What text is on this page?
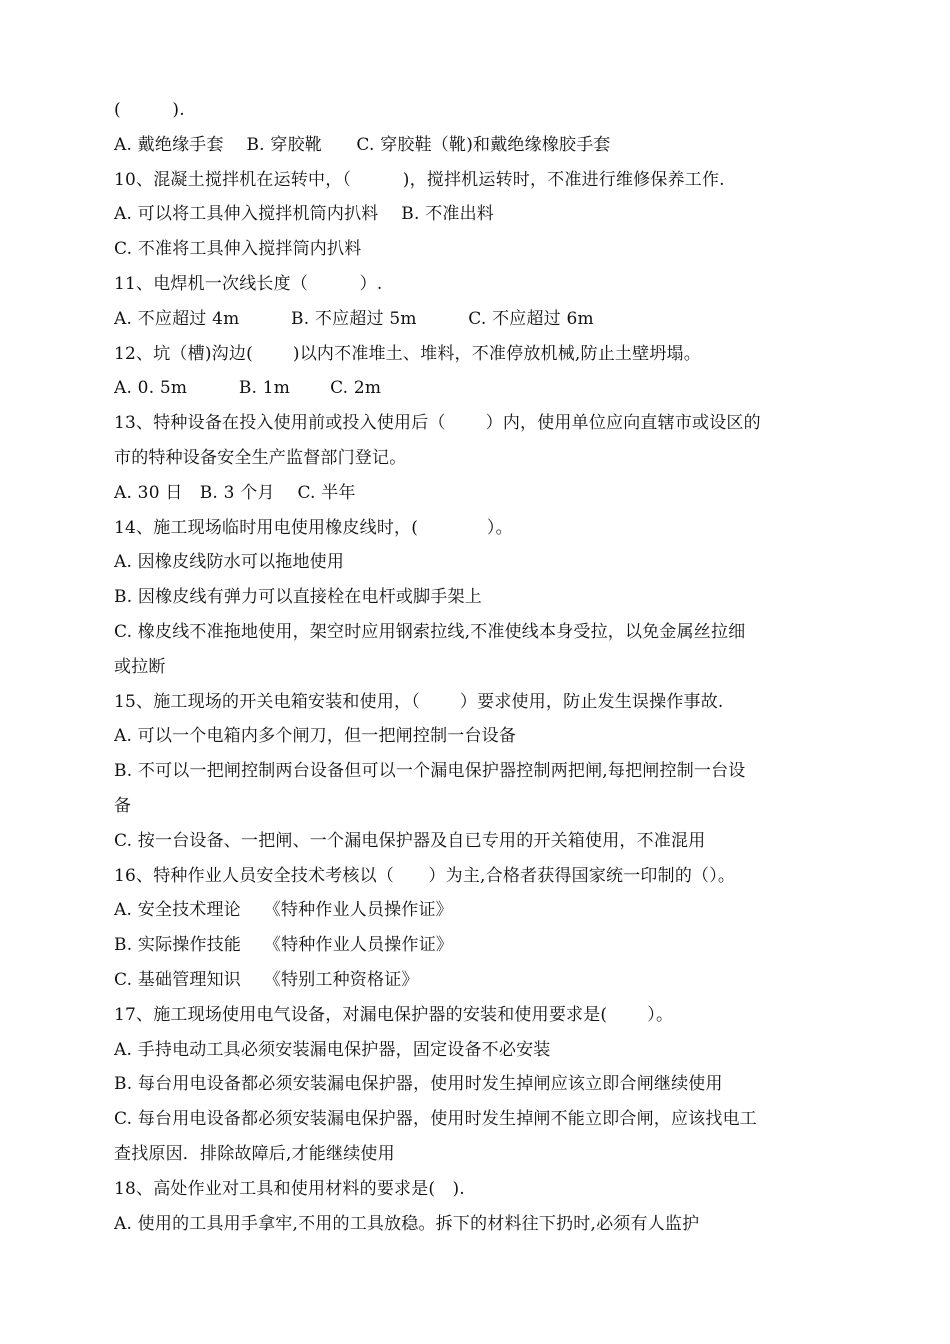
(　　　).
A. 戴绝缘手套　 B. 穿胶靴　　C. 穿胶鞋（靴)和戴绝缘橡胶手套
10、混凝土搅拌机在运转中，（　　　)，搅拌机运转时，不准进行维修保养工作.
A. 可以将工具伸入搅拌机筒内扒料　 B. 不准出料
C. 不准将工具伸入搅拌筒内扒料
11、电焊机一次线长度（　　　）.
A. 不应超过 4m　　　B. 不应超过 5m　　　C. 不应超过 6m
12、坑（槽)沟边(　　 )以内不准堆土、堆料，不准停放机械,防止土壁坍塌。
A. 0. 5m　　　B. 1m　　 C. 2m
13、特种设备在投入使用前或投入使用后（　　 ）内，使用单位应向直辖市或设区的
市的特种设备安全生产监督部门登记。
A. 30 日　B. 3 个月　 C. 半年
14、施工现场临时用电使用橡皮线时，(　　　　）。
A. 因橡皮线防水可以拖地使用
B. 因橡皮线有弹力可以直接栓在电杆或脚手架上
C. 橡皮线不准拖地使用，架空时应用钢索拉线,不准使线本身受拉，以免金属丝拉细
或拉断
15、施工现场的开关电箱安装和使用，（　　 ）要求使用，防止发生误操作事故.
A. 可以一个电箱内多个闸刀，但一把闸控制一台设备
B. 不可以一把闸控制两台设备但可以一个漏电保护器控制两把闸,每把闸控制一台设
备
C. 按一台设备、一把闸、一个漏电保护器及自已专用的开关箱使用，不准混用
16、特种作业人员安全技术考核以（　　）为主,合格者获得国家统一印制的（）。
A. 安全技术理论　 《特种作业人员操作证》
B. 实际操作技能　 《特种作业人员操作证》
C. 基础管理知识　 《特别工种资格证》
17、施工现场使用电气设备，对漏电保护器的安装和使用要求是(　　 ）。
A. 手持电动工具必须安装漏电保护器，固定设备不必安装
B. 每台用电设备都必须安装漏电保护器，使用时发生掉闸应该立即合闸继续使用
C. 每台用电设备都必须安装漏电保护器，使用时发生掉闸不能立即合闸，应该找电工
查找原因．排除故障后,才能继续使用
18、高处作业对工具和使用材料的要求是(　).
A. 使用的工具用手拿牢,不用的工具放稳。拆下的材料往下扔时,必须有人监护
